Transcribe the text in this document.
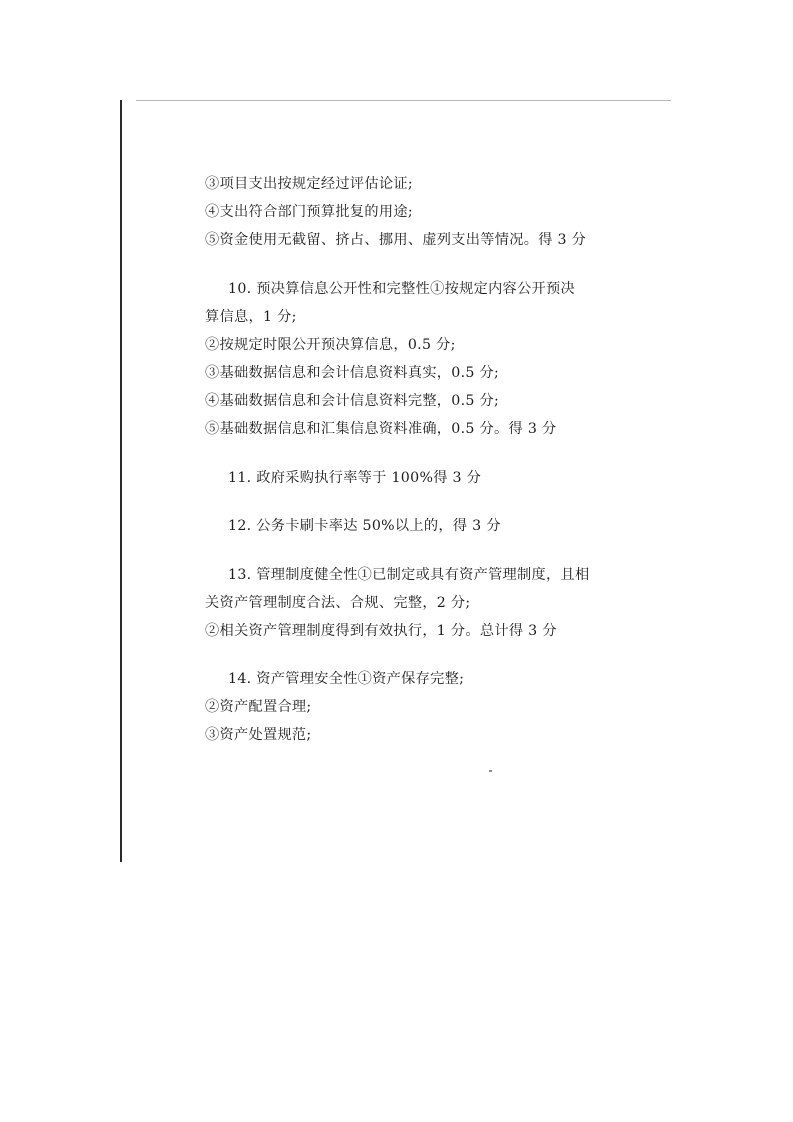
③项目支出按规定经过评估论证;
④支出符合部门预算批复的用途;
⑤资金使用无截留、挤占、挪用、虚列支出等情况。得 3 分
10. 预决算信息公开性和完整性①按规定内容公开预决
算信息，1 分;
②按规定时限公开预决算信息，0.5 分;
③基础数据信息和会计信息资料真实，0.5 分;
④基础数据信息和会计信息资料完整，0.5 分;
⑤基础数据信息和汇集信息资料准确，0.5 分。得 3 分
11. 政府采购执行率等于 100%得 3 分
12. 公务卡刷卡率达 50%以上的，得 3 分
13. 管理制度健全性①已制定或具有资产管理制度，且相
关资产管理制度合法、合规、完整，2 分;
②相关资产管理制度得到有效执行，1 分。总计得 3 分
14. 资产管理安全性①资产保存完整;
②资产配置合理;
③资产处置规范;
